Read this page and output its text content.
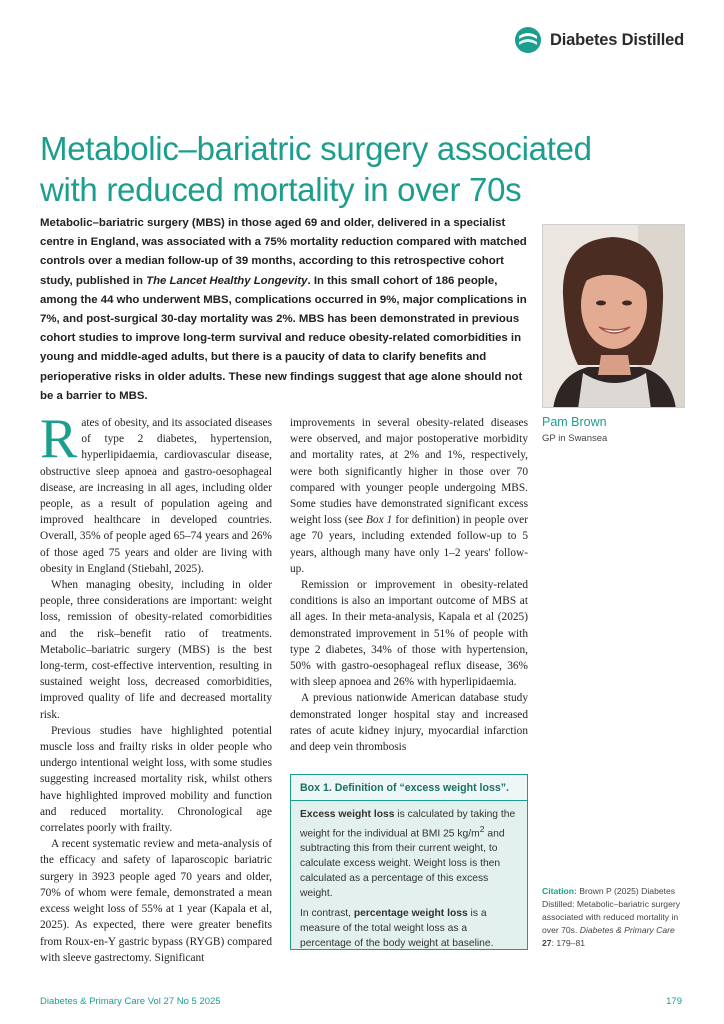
Diabetes Distilled
Metabolic–bariatric surgery associated
with reduced mortality in over 70s
Metabolic–bariatric surgery (MBS) in those aged 69 and older, delivered in a specialist centre in England, was associated with a 75% mortality reduction compared with matched controls over a median follow-up of 39 months, according to this retrospective cohort study, published in The Lancet Healthy Longevity. In this small cohort of 186 people, among the 44 who underwent MBS, complications occurred in 9%, major complications in 7%, and post-surgical 30-day mortality was 2%. MBS has been demonstrated in previous cohort studies to improve long-term survival and reduce obesity-related comorbidities in young and middle-aged adults, but there is a paucity of data to clarify benefits and perioperative risks in older adults. These new findings suggest that age alone should not be a barrier to MBS.
Pam Brown
GP in Swansea

Rates of obesity, and its associated diseases of type 2 diabetes, hypertension, hyperlipidaemia, cardiovascular disease, obstructive sleep apnoea and gastro-oesophageal disease, are increasing in all ages, including older people, as a result of population ageing and improved healthcare in developed countries. Overall, 35% of people aged 65–74 years and 26% of those aged 75 years and older are living with obesity in England (Stiebahl, 2025).

When managing obesity, including in older people, three considerations are important: weight loss, remission of obesity-related comorbidities and the risk–benefit ratio of treatments. Metabolic–bariatric surgery (MBS) is the best long-term, cost-effective intervention, resulting in sustained weight loss, decreased comorbidities, improved quality of life and decreased mortality risk.

Previous studies have highlighted potential muscle loss and frailty risks in older people who undergo intentional weight loss, with some studies suggesting increased mortality risk, whilst others have highlighted improved mobility and function and reduced mortality. Chronological age correlates poorly with frailty.

A recent systematic review and meta-analysis of the efficacy and safety of laparoscopic bariatric surgery in 3923 people aged 70 years and older, 70% of whom were female, demonstrated a mean excess weight loss of 55% at 1 year (Kapala et al, 2025). As expected, there were greater benefits from Roux-en-Y gastric bypass (RYGB) compared with sleeve gastrectomy. Significant

improvements in several obesity-related diseases were observed, and major postoperative morbidity and mortality rates, at 2% and 1%, respectively, were both significantly higher in those over 70 compared with younger people undergoing MBS. Some studies have demonstrated significant excess weight loss (see Box 1 for definition) in people over age 70 years, including extended follow-up to 5 years, although many have only 1–2 years' follow-up.

Remission or improvement in obesity-related conditions is also an important outcome of MBS at all ages. In their meta-analysis, Kapala et al (2025) demonstrated improvement in 51% of people with type 2 diabetes, 34% of those with hypertension, 50% with gastro-oesophageal reflux disease, 36% with sleep apnoea and 26% with hyperlipidaemia.

A previous nationwide American database study demonstrated longer hospital stay and increased rates of acute kidney injury, myocardial infarction and deep vein thrombosis

Box 1. Definition of “excess weight loss”.

Excess weight loss is calculated by taking the weight for the individual at BMI 25 $kg/m^2$ and subtracting this from their current weight, to calculate excess weight. Weight loss is then calculated as a percentage of this excess weight.

In contrast, percentage weight loss is a measure of the total weight loss as a percentage of the body weight at baseline.

Citation: Brown P (2025) Diabetes Distilled: Metabolic–bariatric surgery associated with reduced mortality in over 70s. Diabetes & Primary Care
27: 179–81
Diabetes & Primary Care Vol 27 No 5 2025	179
